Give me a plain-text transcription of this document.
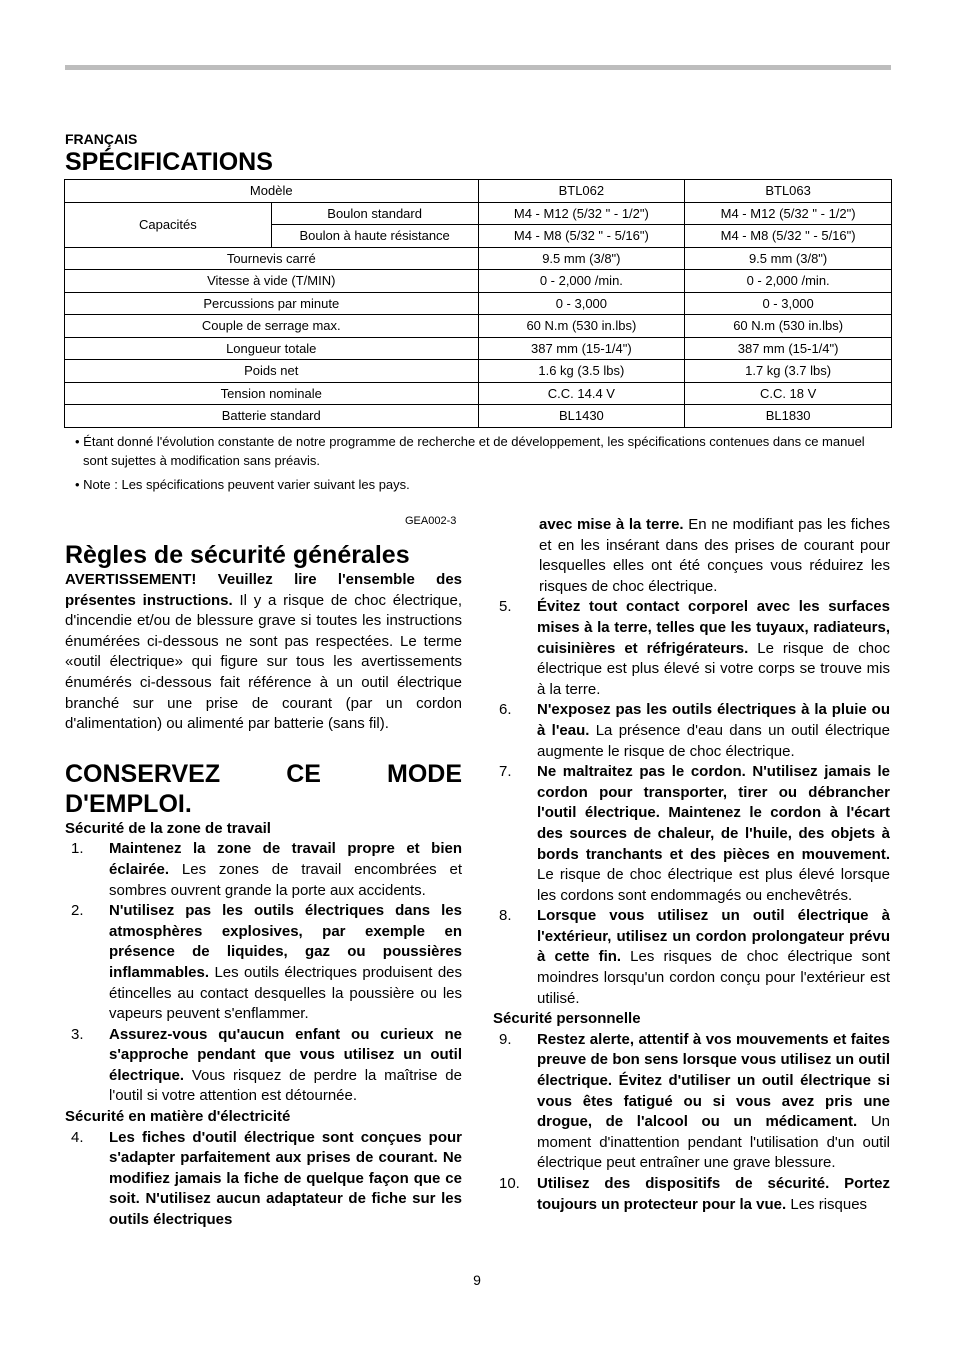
FRANÇAIS
SPÉCIFICATIONS
Modèle		BTL062	BTL063
Capacités	Boulon standard	M4 - M12 (5/32 " - 1/2")	M4 - M12 (5/32 " - 1/2")
	Boulon à haute résistance	M4 - M8 (5/32 " - 5/16")	M4 - M8 (5/32 " - 5/16")
Tournevis carré		9.5 mm (3/8")	9.5 mm (3/8")
Vitesse à vide (T/MIN)		0 - 2,000 /min.	0 - 2,000 /min.
Percussions par minute		0 - 3,000	0 - 3,000
Couple de serrage max.		60 N.m (530 in.lbs)	60 N.m (530 in.lbs)
Longueur totale		387 mm (15-1/4")	387 mm (15-1/4")
Poids net		1.6 kg (3.5 lbs)	1.7 kg (3.7 lbs)
Tension nominale		C.C. 14.4 V	C.C. 18 V
Batterie standard		BL1430	BL1830

• Étant donné l'évolution constante de notre programme de recherche et de développement, les spécifications contenues dans ce manuel sont sujettes à modification sans préavis.

• Note : Les spécifications peuvent varier suivant les pays.

GEA002-3
Règles de sécurité générales

AVERTISSEMENT! Veuillez lire l'ensemble des présentes instructions. Il y a risque de choc électrique, d'incendie et/ou de blessure grave si toutes les instructions énumérées ci-dessous ne sont pas respectées. Le terme «outil électrique» qui figure sur tous les avertissements énumérés ci-dessous fait référence à un outil électrique branché sur une prise de courant (par un cordon d'alimentation) ou alimenté par batterie (sans fil).

CONSERVEZ CE MODE D'EMPLOI.

Sécurité de la zone de travail

1.	Maintenez la zone de travail propre et bien éclairée. Les zones de travail encombrées et sombres ouvrent grande la porte aux accidents.

2.	N'utilisez pas les outils électriques dans les atmosphères explosives, par exemple en présence de liquides, gaz ou poussières inflammables. Les outils électriques produisent des étincelles au contact desquelles la poussière ou les vapeurs peuvent s'enflammer.

3.	Assurez-vous qu'aucun enfant ou curieux ne s'approche pendant que vous utilisez un outil électrique. Vous risquez de perdre la maîtrise de l'outil si votre attention est détournée.

Sécurité en matière d'électricité

4.	Les fiches d'outil électrique sont conçues pour s'adapter parfaitement aux prises de courant. Ne modifiez jamais la fiche de quelque façon que ce soit. N'utilisez aucun adaptateur de fiche sur les outils électriques

avec mise à la terre. En ne modifiant pas les fiches et en les insérant dans des prises de courant pour lesquelles elles ont été conçues vous réduirez les risques de choc électrique.

5.	Évitez tout contact corporel avec les surfaces mises à la terre, telles que les tuyaux, radiateurs, cuisinières et réfrigérateurs. Le risque de choc électrique est plus élevé si votre corps se trouve mis à la terre.

6.	N'exposez pas les outils électriques à la pluie ou à l'eau. La présence d'eau dans un outil électrique augmente le risque de choc électrique.

7.	Ne maltraitez pas le cordon. N'utilisez jamais le cordon pour transporter, tirer ou débrancher l'outil électrique. Maintenez le cordon à l'écart des sources de chaleur, de l'huile, des objets à bords tranchants et des pièces en mouvement. Le risque de choc électrique est plus élevé lorsque les cordons sont endommagés ou enchevêtrés.

8.	Lorsque vous utilisez un outil électrique à l'extérieur, utilisez un cordon prolongateur prévu à cette fin. Les risques de choc électrique sont moindres lorsqu'un cordon conçu pour l'extérieur est utilisé.

Sécurité personnelle

9.	Restez alerte, attentif à vos mouvements et faites preuve de bon sens lorsque vous utilisez un outil électrique. Évitez d'utiliser un outil électrique si vous êtes fatigué ou si vous avez pris une drogue, de l'alcool ou un médicament. Un moment d'inattention pendant l'utilisation d'un outil électrique peut entraîner une grave blessure.

10.	Utilisez des dispositifs de sécurité. Portez toujours un protecteur pour la vue. Les risques

9
